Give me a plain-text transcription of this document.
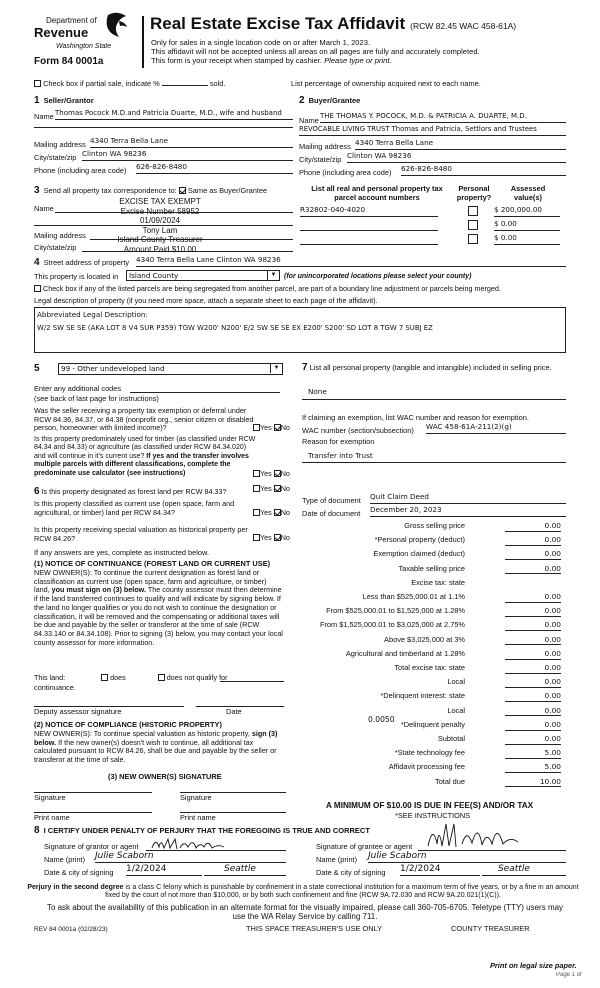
Department of
Revenue
Washington State
Form 84 0001a
Real Estate Excise Tax Affidavit (RCW 82.45 WAC 458-61A)
Only for sales in a single location code on or after March 1, 2023.
This affidavit will not be accepted unless all areas on all pages are fully and accurately completed.
This form is your receipt when stamped by cashier. Please type or print.
Check box if partial sale, indicate %	sold.	List percentage of ownership acquired next to each name.
1 Seller/Grantor
Name Thomas Pocock M.D.and Patricia Duarte, M.D., wife and husband
Mailing address 4340 Terra Bella Lane
City/state/zip Clinton WA 98236
Phone (including area code) 626-826-8480
2 Buyer/Grantee
Name THE THOMAS Y. POCOCK, M.D. & PATRICIA A. DUARTE, M.D.
REVOCABLE LIVING TRUST Thomas and Patricia, Settlors and Trustees
Mailing address 4340 Terra Bella Lane
City/state/zip Clinton WA 98236
Phone (including area code) 626-826-8480
3 Send all property tax correspondence to: Same as Buyer/Grantee
Name
Mailing address
City/state/zip
EXCISE TAX EXEMPT
Excise Number 58952
01/09/2024
Tony Lam
Island County Treasurer
Amount Paid $10.00
List all real and personal property tax parcel account numbers
Personal property?
Assessed value(s)
R32802-040-4020	$ 200,000.00
$ 0.00
$ 0.00
4 Street address of property 4340 Terra Bella Lane Clinton WA 98236
This property is located in Island County	▼	(for unincorporated locations please select your county)
Check box if any of the listed parcels are being segregated from another parcel, are part of a boundary line adjustment or parcels being merged.
Legal description of property (if you need more space, attach a separate sheet to each page of the affidavit).
Abbreviated Legal Description:
W/2 SW SE SE (AKA LOT 8 V4 SUR P359) TGW W200' N200' E/2 SW SE SE EX E200' S200' SD LOT 8 TGW 7 SUBJ EZ
5	99 - Other undeveloped land	▼
Enter any additional codes
(see back of last page for instructions)
Was the seller receiving a property tax exemption or deferral under RCW 84.36, 84.37, or 84.38 (nonprofit org., senior citizen or disabled person, homeowner with limited income)?	Yes No
Is this property predominately used for timber (as classified under RCW 84.34 and 84.33) or agriculture (as classified under RCW 84.34.020) and will continue in it's current use? If yes and the transfer involves multiple parcels with different classifications, complete the predominate use calculator (see instructions)	Yes No
6 Is this property designated as forest land per RCW 84.33?	Yes No
Is this property classified as current use (open space, farm and agricultural, or timber) land per RCW 84.34?	Yes No
Is this property receiving special valuation as historical property per RCW 84.26?	Yes No
If any answers are yes, complete as instructed below.
(1) NOTICE OF CONTINUANCE (FOREST LAND OR CURRENT USE)
NEW OWNER(S): To continue the current designation as forest land or classification as current use (open space, farm and agriculture, or timber) land, you must sign on (3) below. The county assessor must then determine if the land transferred continues to qualify and will indicate by signing below. If the land no longer qualifies or you do not wish to continue the designation or classification, it will be removed and the compensating or additional taxes will be due and payable by the seller or transferor at the time of sale (RCW 84.33.140 or 84.34.108). Prior to signing (3) below, you may contact your local county assessor for more information.
This land:	does	does not qualify for
continuance.
Deputy assessor signature	Date
(2) NOTICE OF COMPLIANCE (HISTORIC PROPERTY)
NEW OWNER(S): To continue special valuation as historic property, sign (3) below. If the new owner(s) doesn't wish to continue, all additional tax calculated pursuant to RCW 84.26, shall be due and payable by the seller or transferor at the time of sale.
(3) NEW OWNER(S) SIGNATURE
Signature	Signature
Print name	Print name
7 List all personal property (tangible and intangible) included in selling price.
None
If claiming an exemption, list WAC number and reason for exemption.
WAC number (section/subsection) WAC 458-61A-211(2)(g)
Reason for exemption
Transfer into Trust
Type of document Quit Claim Deed
Date of document December 20, 2023
Gross selling price	0.00
*Personal property (deduct)	0.00
Exemption claimed (deduct)	0.00
Taxable selling price	0.00
Excise tax: state
Less than $525,000.01 at 1.1%	0.00
From $525,000.01 to $1,525,000 at 1.28%	0.00
From $1,525,000.01 to $3,025,000 at 2.75%	0.00
Above $3,025,000 at 3%	0.00
Agricultural and timberland at 1.28%	0.00
Total excise tax: state	0.00
Local	0.00
*Delinquent interest: state	0.00
Local	0.00
*Delinquent penalty	0.00
Subtotal	0.00
*State technology fee	5.00
Affidavit processing fee	5.00
Total due	10.00
0.0050
A MINIMUM OF $10.00 IS DUE IN FEE(S) AND/OR TAX
*SEE INSTRUCTIONS
8 I CERTIFY UNDER PENALTY OF PERJURY THAT THE FOREGOING IS TRUE AND CORRECT
Signature of grantor or agent
Name (print) Julie Scaborn
Date & city of signing 1/2/2024	Seattle
Signature of grantee or agent
Name (print) Julie Scaborn
Date & city of signing 1/2/2024	Seattle
Perjury in the second degree is a class C felony which is punishable by confinement in a state correctional institution for a maximum term of five years, or by a fine in an amount fixed by the court of not more than $10,000, or by both such confinement and fine (RCW 9A.72.030 and RCW 9A.20.021(1)(C)).
To ask about the availability of this publication in an alternate format for the visually impaired, please call 360-705-6705. Teletype (TTY) users may use the WA Relay Service by calling 711.
REV 84 0001a (02/28/23)	THIS SPACE TREASURER'S USE ONLY	COUNTY TREASURER
Print on legal size paper.
Page 1 of
